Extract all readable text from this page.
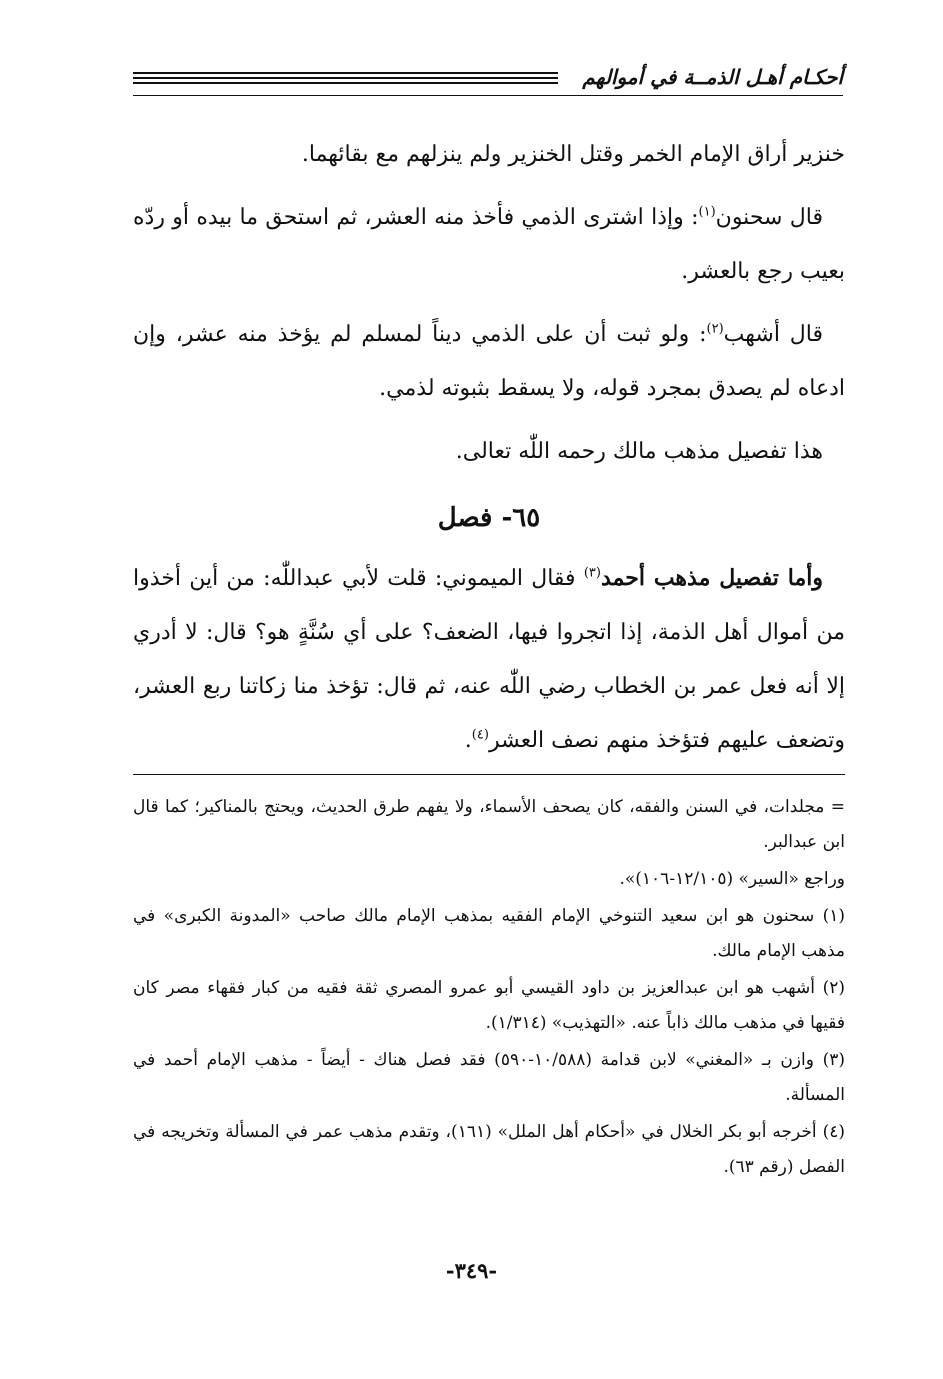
أحكـام أهـل الذمــة في أموالهم

خنزير أراق الإمام الخمر وقتل الخنزير ولم ينزلهم مع بقائهما.

قال سحنون$^{(١)}$: وإذا اشترى الذمي فأخذ منه العشر، ثم استحق ما بيده أو ردّه بعيب رجع بالعشر.

قال أشهب$^{(٢)}$: ولو ثبت أن على الذمي ديناً لمسلم لم يؤخذ منه عشر، وإن ادعاه لم يصدق بمجرد قوله، ولا يسقط بثبوته لذمي.

هذا تفصيل مذهب مالك رحمه اللّٰه تعالى.

٦٥- فصل

وأما تفصيل مذهب أحمد$^{(٣)}$ فقال الميموني: قلت لأبي عبداللّٰه: من أين أخذوا من أموال أهل الذمة، إذا اتجروا فيها، الضعف؟ على أي سُنَّةٍ هو؟ قال: لا أدري إلا أنه فعل عمر بن الخطاب رضي اللّٰه عنه، ثم قال: تؤخذ منا زكاتنا ربع العشر، وتضعف عليهم فتؤخذ منهم نصف العشر$^{(٤)}$.

= مجلدات، في السنن والفقه، كان يصحف الأسماء، ولا يفهم طرق الحديث، ويحتج بالمناكير؛ كما قال ابن عبدالبر.

وراجع «السير» (١٢/١٠٥-١٠٦)».

(١) سحنون هو ابن سعيد التنوخي الإمام الفقيه بمذهب الإمام مالك صاحب «المدونة الكبرى» في مذهب الإمام مالك.

(٢) أشهب هو ابن عبدالعزيز بن داود القيسي أبو عمرو المصري ثقة فقيه من كبار فقهاء مصر كان فقيها في مذهب مالك ذاباً عنه. «التهذيب» (١/٣١٤).

(٣) وازن بـ «المغني» لابن قدامة (١٠/٥٨٨-٥٩٠) فقد فصل هناك - أيضاً - مذهب الإمام أحمد في المسألة.

(٤) أخرجه أبو بكر الخلال في «أحكام أهل الملل» (١٦١)، وتقدم مذهب عمر في المسألة وتخريجه في الفصل (رقم ٦٣).

-٣٤٩-
